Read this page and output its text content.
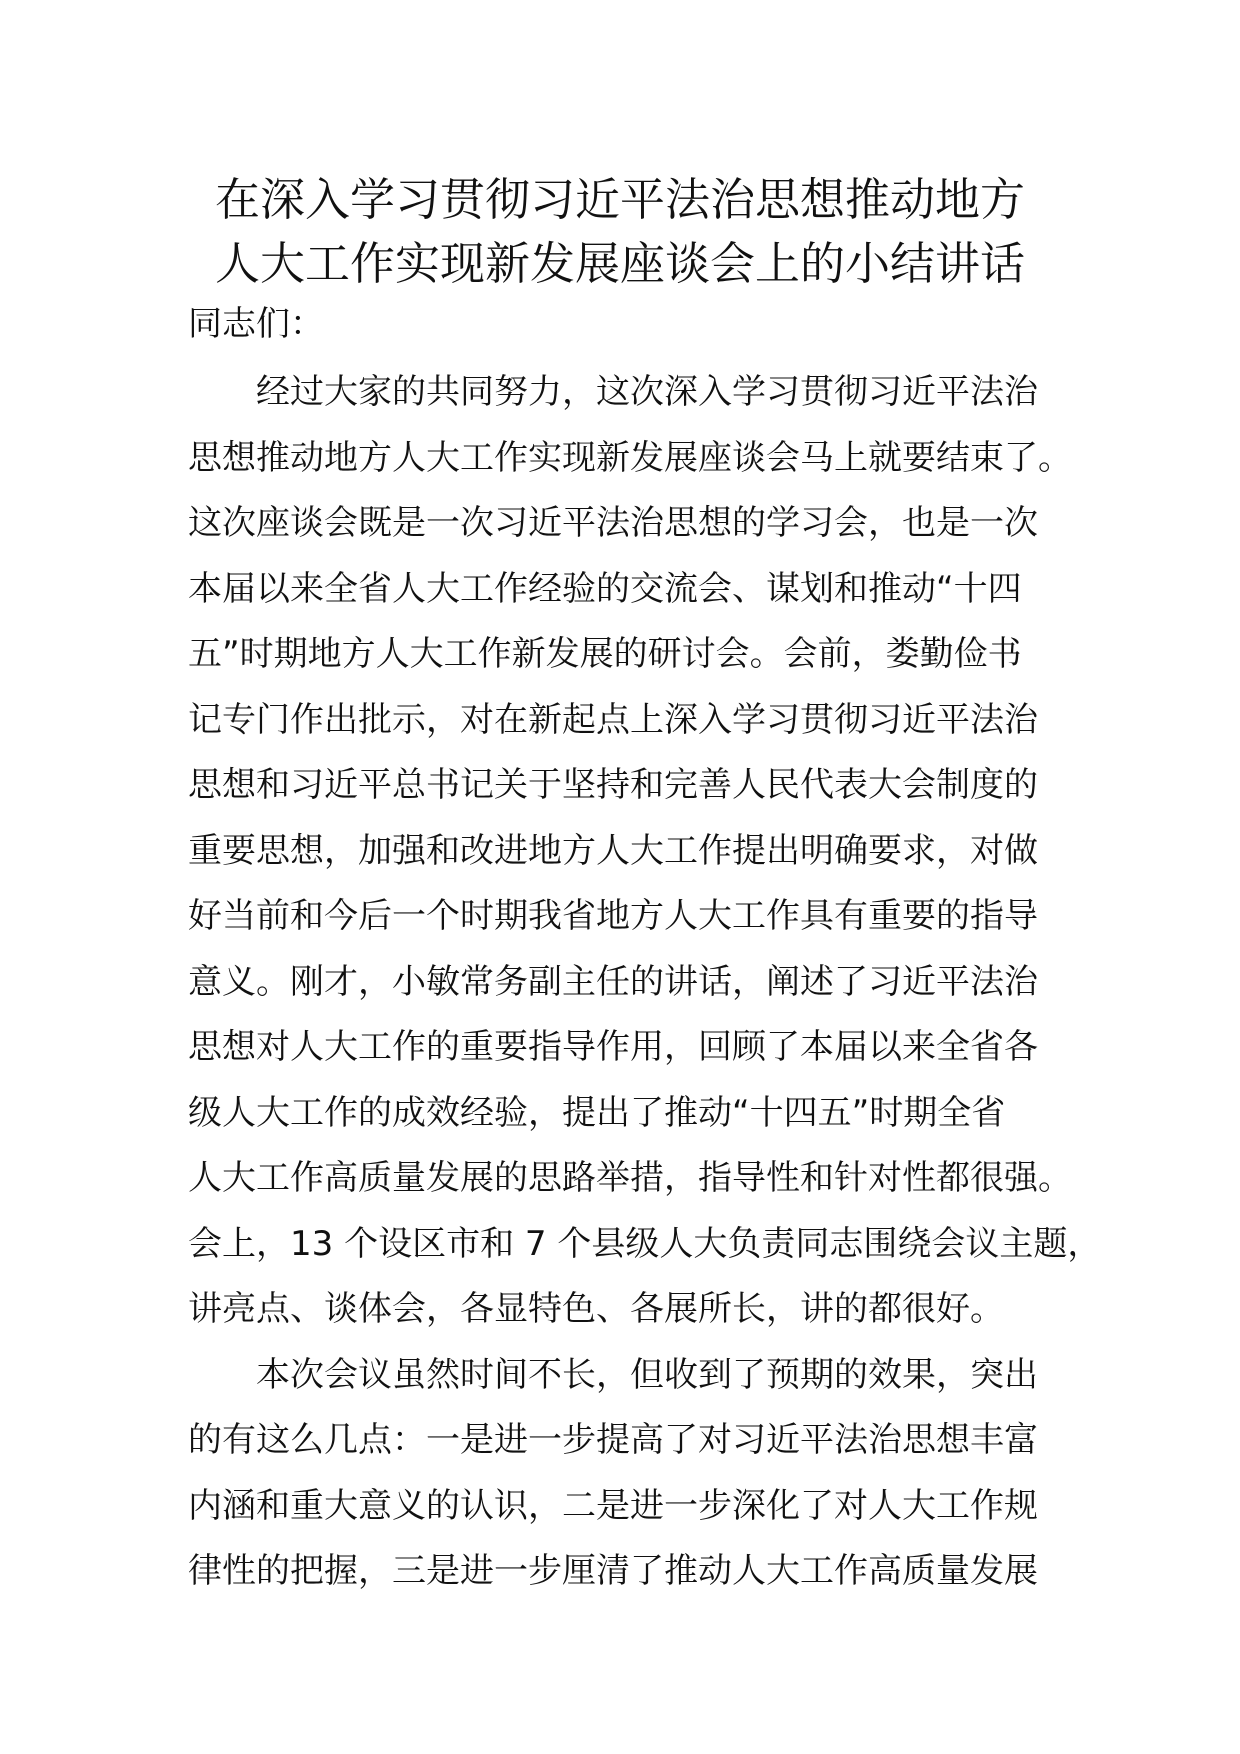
在深入学习贯彻习近平法治思想推动地方
人大工作实现新发展座谈会上的小结讲话
同志们：
经过大家的共同努力，这次深入学习贯彻习近平法治
思想推动地方人大工作实现新发展座谈会马上就要结束了。
这次座谈会既是一次习近平法治思想的学习会，也是一次
本届以来全省人大工作经验的交流会、谋划和推动“十四
五”时期地方人大工作新发展的研讨会。会前，娄勤俭书
记专门作出批示，对在新起点上深入学习贯彻习近平法治
思想和习近平总书记关于坚持和完善人民代表大会制度的
重要思想，加强和改进地方人大工作提出明确要求，对做
好当前和今后一个时期我省地方人大工作具有重要的指导
意义。刚才，小敏常务副主任的讲话，阐述了习近平法治
思想对人大工作的重要指导作用，回顾了本届以来全省各
级人大工作的成效经验，提出了推动“十四五”时期全省
人大工作高质量发展的思路举措，指导性和针对性都很强。
会上，13 个设区市和 7 个县级人大负责同志围绕会议主题，
讲亮点、谈体会，各显特色、各展所长，讲的都很好。
本次会议虽然时间不长，但收到了预期的效果，突出
的有这么几点：一是进一步提高了对习近平法治思想丰富
内涵和重大意义的认识，二是进一步深化了对人大工作规
律性的把握，三是进一步厘清了推动人大工作高质量发展
